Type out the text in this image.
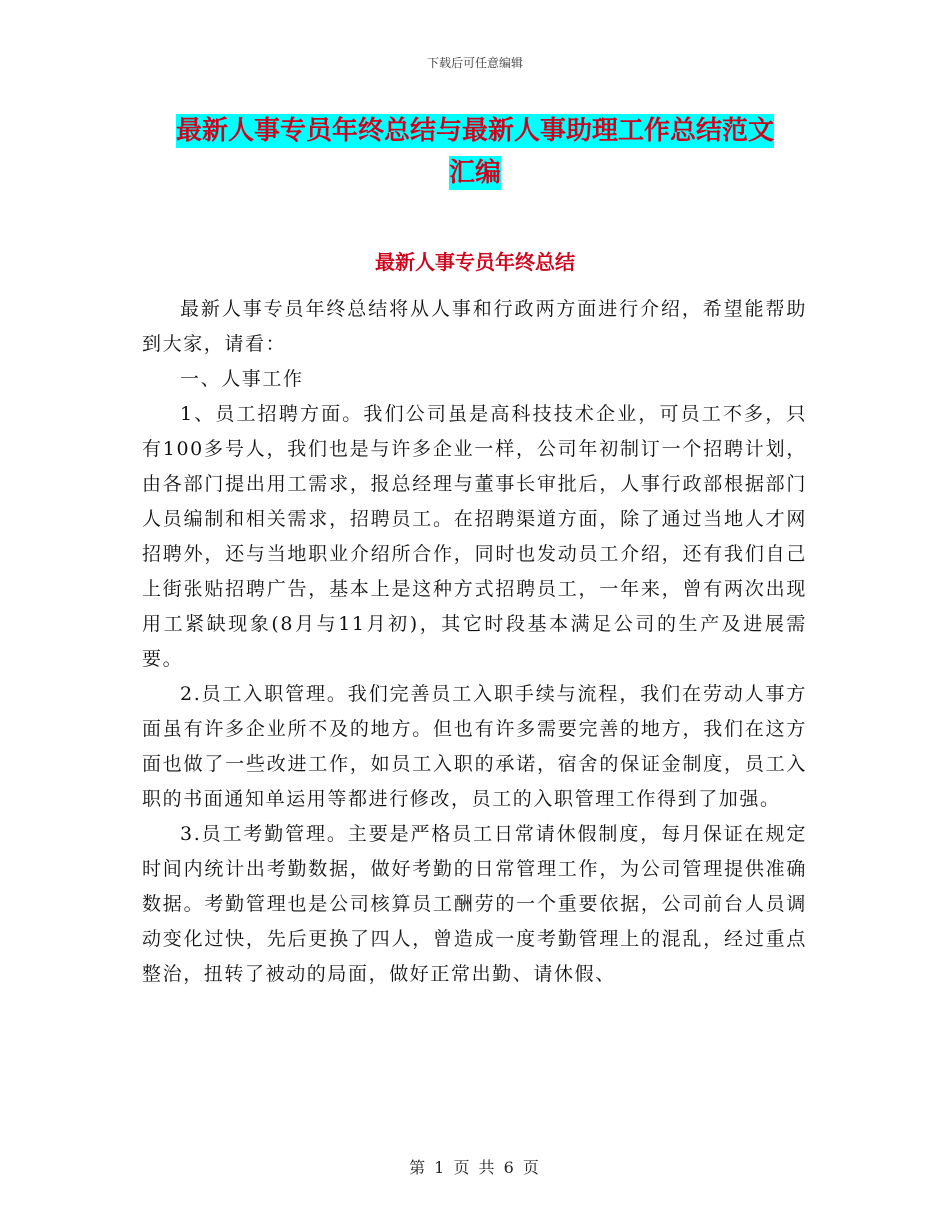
下载后可任意编辑
最新人事专员年终总结与最新人事助理工作总结范文
汇编
最新人事专员年终总结

最新人事专员年终总结将从人事和行政两方面进行介绍，希望能帮助到大家，请看：

一、人事工作

1、员工招聘方面。我们公司虽是高科技技术企业，可员工不多，只有100多号人，我们也是与许多企业一样，公司年初制订一个招聘计划，由各部门提出用工需求，报总经理与董事长审批后，人事行政部根据部门人员编制和相关需求，招聘员工。在招聘渠道方面，除了通过当地人才网招聘外，还与当地职业介绍所合作，同时也发动员工介绍，还有我们自己上街张贴招聘广告，基本上是这种方式招聘员工，一年来，曾有两次出现用工紧缺现象(8月与11月初)，其它时段基本满足公司的生产及进展需要。

2.员工入职管理。我们完善员工入职手续与流程，我们在劳动人事方面虽有许多企业所不及的地方。但也有许多需要完善的地方，我们在这方面也做了一些改进工作，如员工入职的承诺，宿舍的保证金制度，员工入职的书面通知单运用等都进行修改，员工的入职管理工作得到了加强。

3.员工考勤管理。主要是严格员工日常请休假制度，每月保证在规定时间内统计出考勤数据，做好考勤的日常管理工作，为公司管理提供准确数据。考勤管理也是公司核算员工酬劳的一个重要依据，公司前台人员调动变化过快，先后更换了四人，曾造成一度考勤管理上的混乱，经过重点整治，扭转了被动的局面，做好正常出勤、请休假、

第 1 页 共 6 页
